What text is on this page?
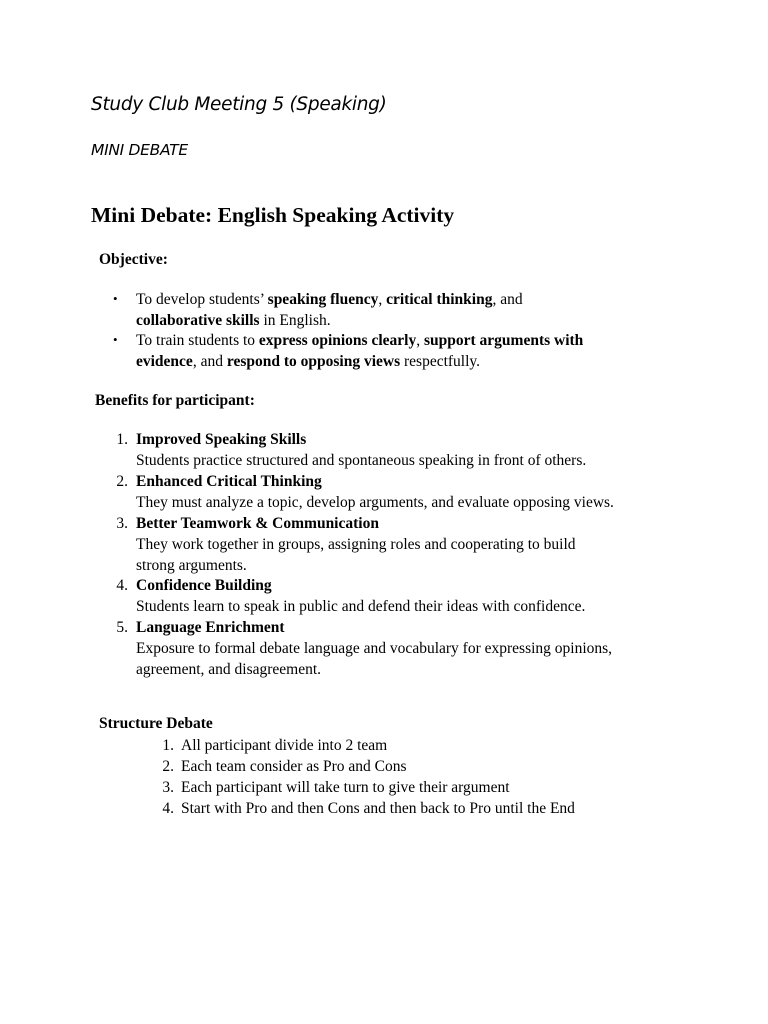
Study Club Meeting 5 (Speaking)
MINI DEBATE
Mini Debate: English Speaking Activity
Objective:
• To develop students’ speaking fluency, critical thinking, and
collaborative skills in English.
• To train students to express opinions clearly, support arguments with
evidence, and respond to opposing views respectfully.
Benefits for participant:
1. Improved Speaking Skills
Students practice structured and spontaneous speaking in front of others.
2. Enhanced Critical Thinking
They must analyze a topic, develop arguments, and evaluate opposing views.
3. Better Teamwork & Communication
They work together in groups, assigning roles and cooperating to build
strong arguments.
4. Confidence Building
Students learn to speak in public and defend their ideas with confidence.
5. Language Enrichment
Exposure to formal debate language and vocabulary for expressing opinions,
agreement, and disagreement.
Structure Debate
1. All participant divide into 2 team
2. Each team consider as Pro and Cons
3. Each participant will take turn to give their argument
4. Start with Pro and then Cons and then back to Pro until the End
